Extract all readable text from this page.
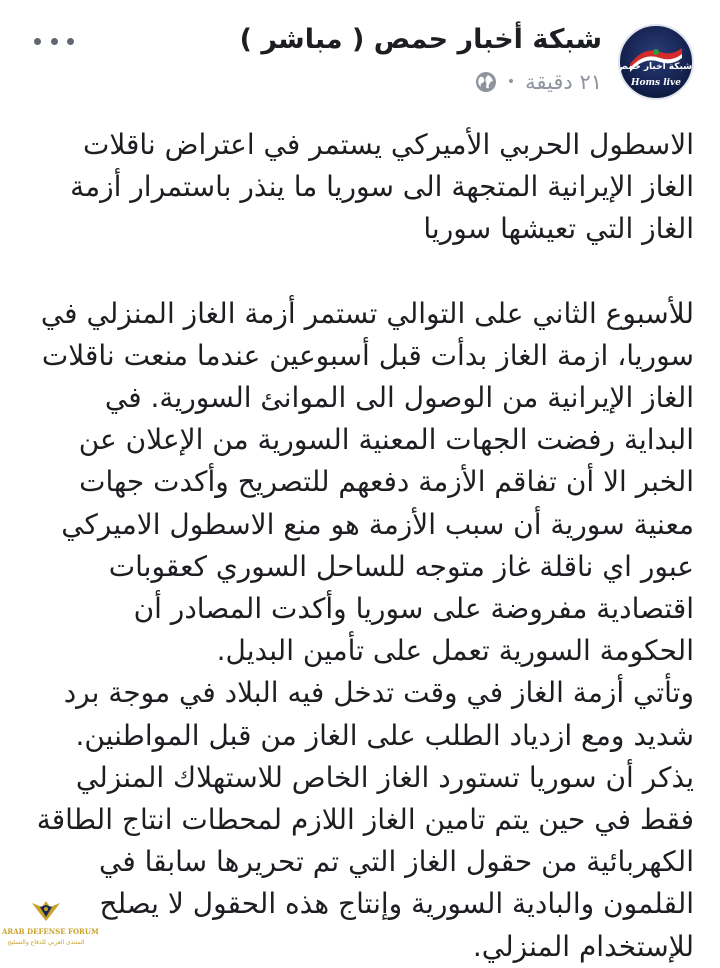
شبكة أخبار حمص مباشر
Homs live
شبكة أخبار حمص ( مباشر )
٢١ دقيقة
•

الاسطول الحربي الأميركي يستمر في اعتراض ناقلات الغاز الإيرانية المتجهة الى سوريا ما ينذر باستمرار أزمة الغاز التي تعيشها سوريا

للأسبوع الثاني على التوالي تستمر أزمة الغاز المنزلي في سوريا، ازمة الغاز بدأت قبل أسبوعين عندما منعت ناقلات الغاز الإيرانية من الوصول الى الموانئ السورية. في البداية رفضت الجهات المعنية السورية من الإعلان عن الخبر الا أن تفاقم الأزمة دفعهم للتصريح وأكدت جهات معنية سورية أن سبب الأزمة هو منع الاسطول الاميركي عبور اي ناقلة غاز متوجه للساحل السوري كعقوبات اقتصادية مفروضة على سوريا وأكدت المصادر أن الحكومة السورية تعمل على تأمين البديل.

وتأتي أزمة الغاز في وقت تدخل فيه البلاد في موجة برد شديد ومع ازدياد الطلب على الغاز من قبل المواطنين.

يذكر أن سوريا تستورد الغاز الخاص للاستهلاك المنزلي فقط في حين يتم تامين الغاز اللازم لمحطات انتاج الطاقة الكهربائية من حقول الغاز التي تم تحريرها سابقا في القلمون والبادية السورية وإنتاج هذه الحقول لا يصلح للإستخدام المنزلي.

ARAB DEFENSE FORUM
المنتدى العربي للدفاع والتسليح
